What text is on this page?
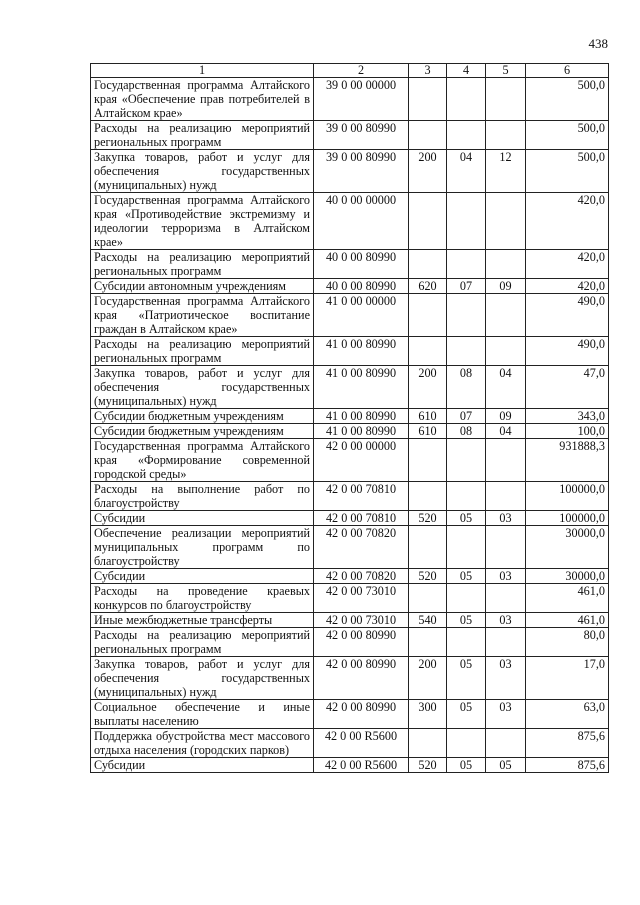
438
1	2	3	4	5	6
Государственная программа Алтайского края «Обеспечение прав потребителей в Алтайском крае»	39 0 00 00000				500,0
Расходы на реализацию мероприятий региональных программ	39 0 00 80990				500,0
Закупка товаров, работ и услуг для обеспечения государственных (муниципальных) нужд	39 0 00 80990	200	04	12	500,0
Государственная программа Алтайского края «Противодействие экстремизму и идеологии терроризма в Алтайском крае»	40 0 00 00000				420,0
Расходы на реализацию мероприятий региональных программ	40 0 00 80990				420,0
Субсидии автономным учреждениям	40 0 00 80990	620	07	09	420,0
Государственная программа Алтайского края «Патриотическое воспитание граждан в Алтайском крае»	41 0 00 00000				490,0
Расходы на реализацию мероприятий региональных программ	41 0 00 80990				490,0
Закупка товаров, работ и услуг для обеспечения государственных (муниципальных) нужд	41 0 00 80990	200	08	04	47,0
Субсидии бюджетным учреждениям	41 0 00 80990	610	07	09	343,0
Субсидии бюджетным учреждениям	41 0 00 80990	610	08	04	100,0
Государственная программа Алтайского края «Формирование современной городской среды»	42 0 00 00000				931888,3
Расходы на выполнение работ по благоустройству	42 0 00 70810				100000,0
Субсидии	42 0 00 70810	520	05	03	100000,0
Обеспечение реализации мероприятий муниципальных программ по благоустройству	42 0 00 70820				30000,0
Субсидии	42 0 00 70820	520	05	03	30000,0
Расходы на проведение краевых конкурсов по благоустройству	42 0 00 73010				461,0
Иные межбюджетные трансферты	42 0 00 73010	540	05	03	461,0
Расходы на реализацию мероприятий региональных программ	42 0 00 80990				80,0
Закупка товаров, работ и услуг для обеспечения государственных (муниципальных) нужд	42 0 00 80990	200	05	03	17,0
Социальное обеспечение и иные выплаты населению	42 0 00 80990	300	05	03	63,0
Поддержка обустройства мест массового отдыха населения (городских парков)	42 0 00 R5600				875,6
Субсидии	42 0 00 R5600	520	05	05	875,6
